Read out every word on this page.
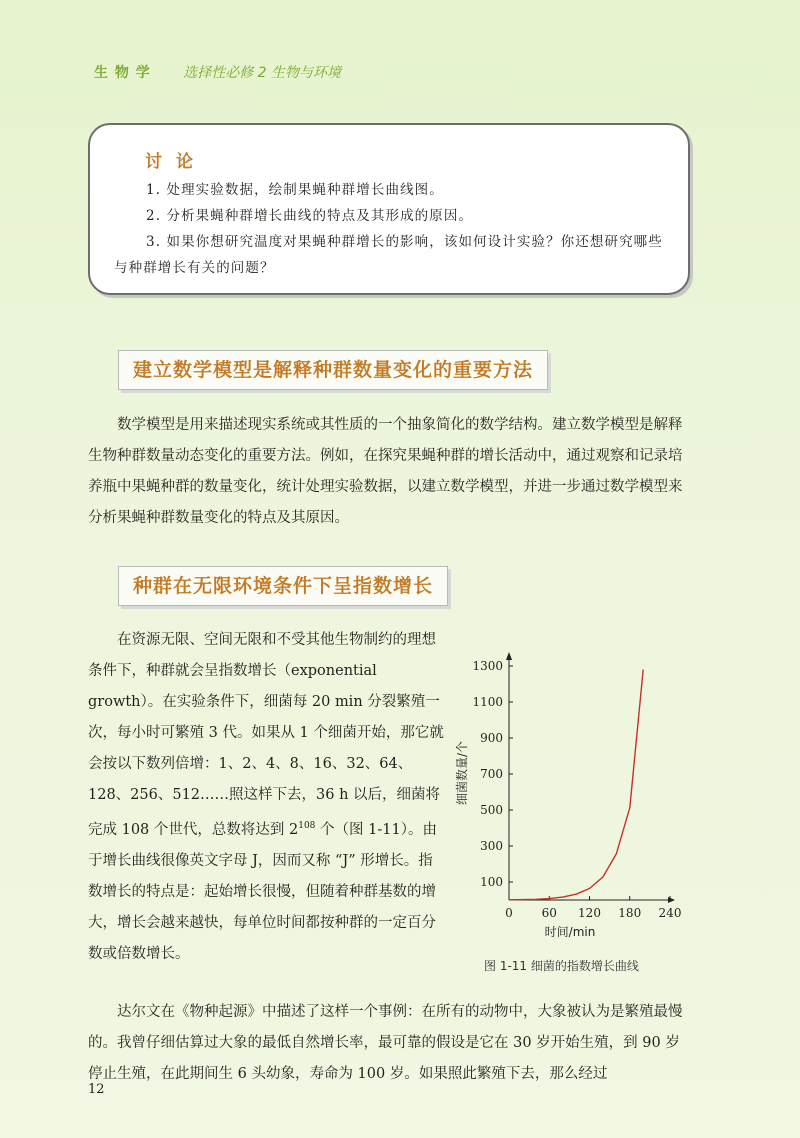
生 物 学 选择性必修 2 生物与环境
讨论
1. 处理实验数据，绘制果蝇种群增长曲线图。
2. 分析果蝇种群增长曲线的特点及其形成的原因。
3. 如果你想研究温度对果蝇种群增长的影响，该如何设计实验？你还想研究哪些与种群增长有关的问题？
建立数学模型是解释种群数量变化的重要方法

数学模型是用来描述现实系统或其性质的一个抽象简化的数学结构。建立数学模型是解释生物种群数量动态变化的重要方法。例如，在探究果蝇种群的增长活动中，通过观察和记录培养瓶中果蝇种群的数量变化，统计处理实验数据，以建立数学模型，并进一步通过数学模型来分析果蝇种群数量变化的特点及其原因。

种群在无限环境条件下呈指数增长

在资源无限、空间无限和不受其他生物制约的理想条件下，种群就会呈指数增长（exponential growth）。在实验条件下，细菌每 20 min 分裂繁殖一次，每小时可繁殖 3 代。如果从 1 个细菌开始，那它就会按以下数列倍增：1、2、4、8、16、32、64、128、256、512……照这样下去，36 h 以后，细菌将完成 108 个世代，总数将达到 $2^{108}$ 个（图 1-11）。由于增长曲线很像英文字母 J，因而又称 “J” 形增长。指数增长的特点是：起始增长很慢，但随着种群基数的增大，增长会越来越快，每单位时间都按种群的一定百分数或倍数增长。

达尔文在《物种起源》中描述了这样一个事例：在所有的动物中，大象被认为是繁殖最慢的。我曾仔细估算过大象的最低自然增长率，最可靠的假设是它在 30 岁开始生殖，到 90 岁停止生殖，在此期间生 6 头幼象，寿命为 100 岁。如果照此繁殖下去，那么经过

细菌数量/个
时间/min
0 60 120 180 240
100
300
500
700
900
1100
1300
图 1-11 细菌的指数增长曲线
12
